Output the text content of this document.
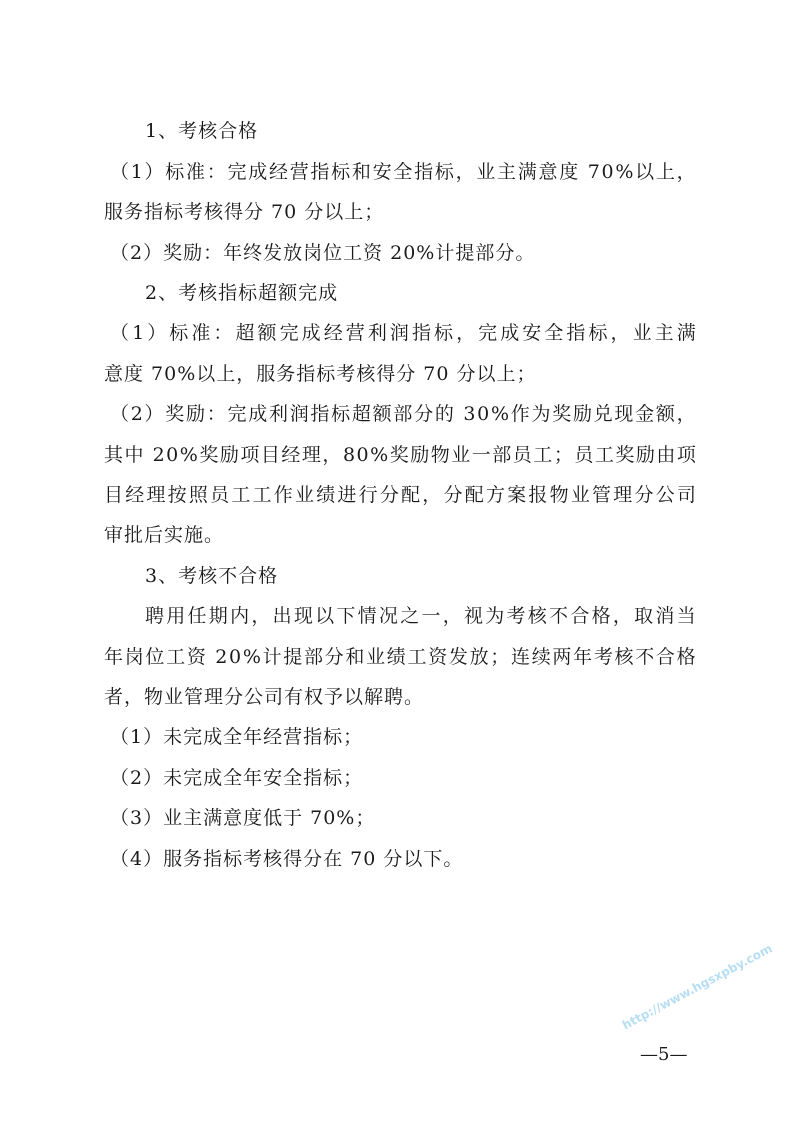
1、考核合格
（ 1 ） 标 准 ： 完 成 经 营 指 标 和 安 全 指 标 ， 业 主 满 意 度
7 0 % 以 上 ，
服务指标考核得分 70 分以上；
（2）奖励：年终发放岗位工资 20%计提部分。
2、考核指标超额完成
（ 1 ） 标 准 ： 超 额 完 成 经 营 利 润 指 标 ， 完 成 安 全 指 标 ， 业 主 满
意度 70%以上，服务指标考核得分 70 分以上；
（ 2 ） 奖 励 ： 完 成 利 润 指 标 超 额 部 分 的
3 0 % 作 为 奖 励 兑 现 金 额 ，
其 中
2 0 % 奖 励 项 目 经 理 ， 8 0 % 奖 励 物 业 一 部 员 工 ； 员 工 奖 励 由 项
目 经 理 按 照 员 工 工 作 业 绩 进 行 分 配 ， 分 配 方 案 报 物 业 管 理 分 公 司
审批后实施。
3、考核不合格
聘 用 任 期 内 ， 出 现 以 下 情 况 之 一 ， 视 为 考 核 不 合 格 ， 取 消 当
年 岗 位 工 资
2 0 % 计 提 部 分 和 业 绩 工 资 发 放 ； 连 续 两 年 考 核 不 合 格
者，物业管理分公司有权予以解聘。
（1）未完成全年经营指标；
（2）未完成全年安全指标；
（3）业主满意度低于 70%；
（4）服务指标考核得分在 70 分以下。
—5—
http://www.hgsxpby.com
